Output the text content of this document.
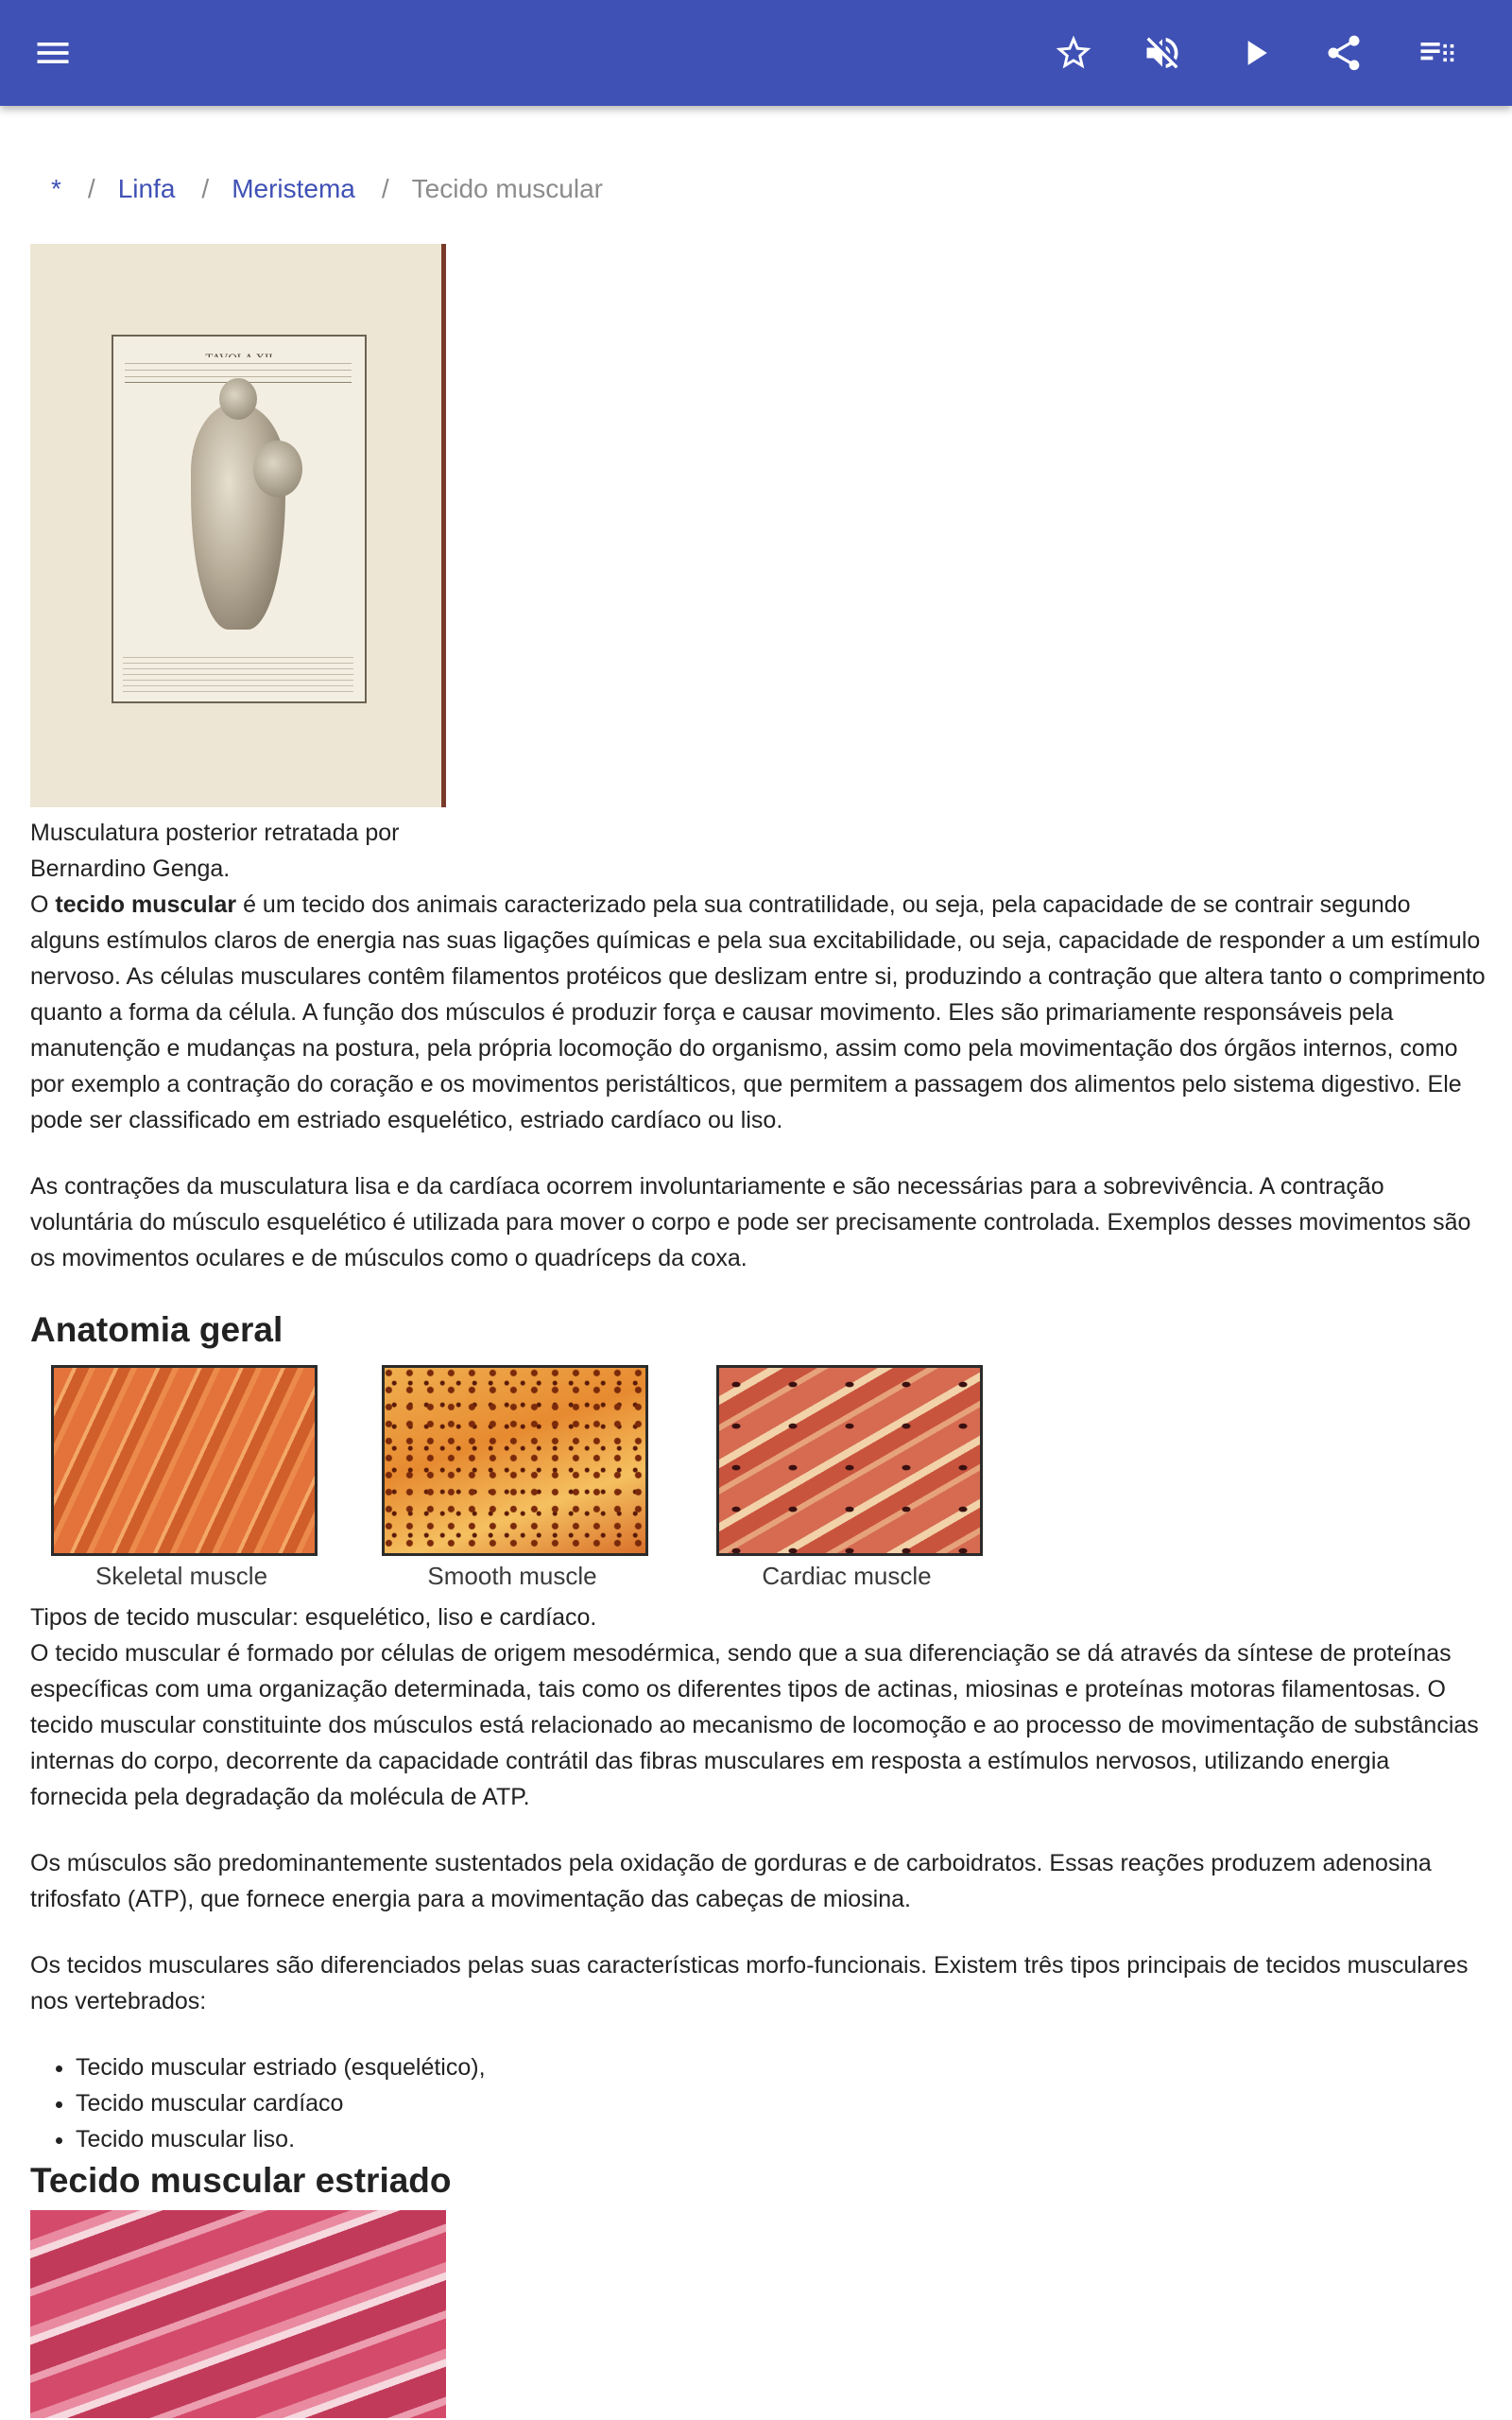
* / Linfa / Meristema / Tecido muscular
Musculatura posterior retratada por Bernardino Genga.

O tecido muscular é um tecido dos animais caracterizado pela sua contratilidade, ou seja, pela capacidade de se contrair segundo alguns estímulos claros de energia nas suas ligações químicas e pela sua excitabilidade, ou seja, capacidade de responder a um estímulo nervoso. As células musculares contêm filamentos protéicos que deslizam entre si, produzindo a contração que altera tanto o comprimento quanto a forma da célula. A função dos músculos é produzir força e causar movimento. Eles são primariamente responsáveis pela manutenção e mudanças na postura, pela própria locomoção do organismo, assim como pela movimentação dos órgãos internos, como por exemplo a contração do coração e os movimentos peristálticos, que permitem a passagem dos alimentos pelo sistema digestivo. Ele pode ser classificado em estriado esquelético, estriado cardíaco ou liso.

As contrações da musculatura lisa e da cardíaca ocorrem involuntariamente e são necessárias para a sobrevivência. A contração voluntária do músculo esquelético é utilizada para mover o corpo e pode ser precisamente controlada. Exemplos desses movimentos são os movimentos oculares e de músculos como o quadríceps da coxa.

Anatomia geral
Skeletal muscle	Smooth muscle	Cardiac muscle
Tipos de tecido muscular: esquelético, liso e cardíaco.

O tecido muscular é formado por células de origem mesodérmica, sendo que a sua diferenciação se dá através da síntese de proteínas específicas com uma organização determinada, tais como os diferentes tipos de actinas, miosinas e proteínas motoras filamentosas. O tecido muscular constituinte dos músculos está relacionado ao mecanismo de locomoção e ao processo de movimentação de substâncias internas do corpo, decorrente da capacidade contrátil das fibras musculares em resposta a estímulos nervosos, utilizando energia fornecida pela degradação da molécula de ATP.

Os músculos são predominantemente sustentados pela oxidação de gorduras e de carboidratos. Essas reações produzem adenosina trifosfato (ATP), que fornece energia para a movimentação das cabeças de miosina.

Os tecidos musculares são diferenciados pelas suas características morfo-funcionais. Existem três tipos principais de tecidos musculares nos vertebrados:

• Tecido muscular estriado (esquelético),
• Tecido muscular cardíaco
• Tecido muscular liso.
Tecido muscular estriado
